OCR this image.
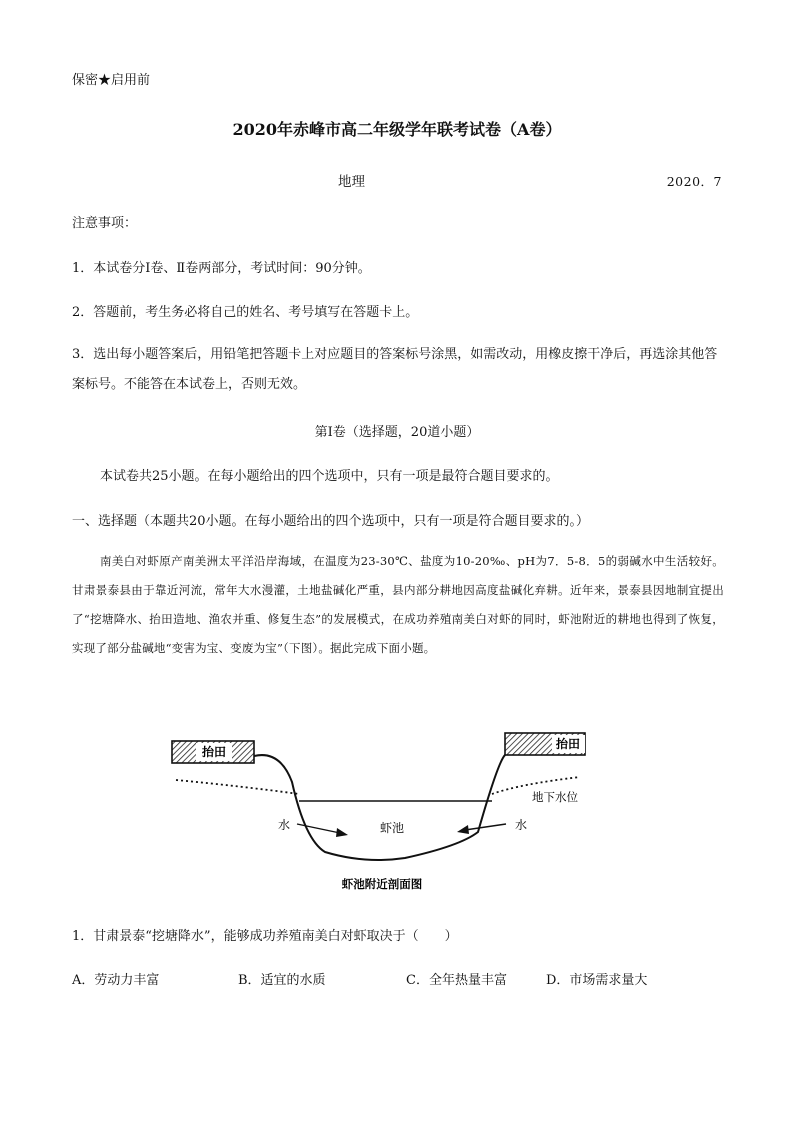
保密★启用前
2020年赤峰市高二年级学年联考试卷（A卷）
地理	2020．7
注意事项：
1．本试卷分Ⅰ卷、Ⅱ卷两部分，考试时间：90分钟。
2．答题前，考生务必将自己的姓名、考号填写在答题卡上。
3．选出每小题答案后，用铅笔把答题卡上对应题目的答案标号涂黑，如需改动，用橡皮擦干净后，再选涂其他答案标号。不能答在本试卷上，否则无效。
第Ⅰ卷（选择题，20道小题）
本试卷共25小题。在每小题给出的四个选项中，只有一项是最符合题目要求的。
一、选择题（本题共20小题。在每小题给出的四个选项中，只有一项是符合题目要求的。）
南美白对虾原产南美洲太平洋沿岸海域，在温度为23-30℃、盐度为10-20‰、pH为7．5-8．5的弱碱水中生活较好。甘肃景泰县由于靠近河流，常年大水漫灌，土地盐碱化严重，县内部分耕地因高度盐碱化弃耕。近年来，景泰县因地制宜提出了“挖塘降水、抬田造地、渔农并重、修复生态”的发展模式，在成功养殖南美白对虾的同时，虾池附近的耕地也得到了恢复，实现了部分盐碱地“变害为宝、变废为宝”（下图）。据此完成下面小题。
抬田
抬田
地下水位
水	水
虾池
虾池附近剖面图
1．甘肃景泰“挖塘降水”，能够成功养殖南美白对虾取决于（　　）
A．劳动力丰富	B．适宜的水质	C．全年热量丰富	D．市场需求量大
